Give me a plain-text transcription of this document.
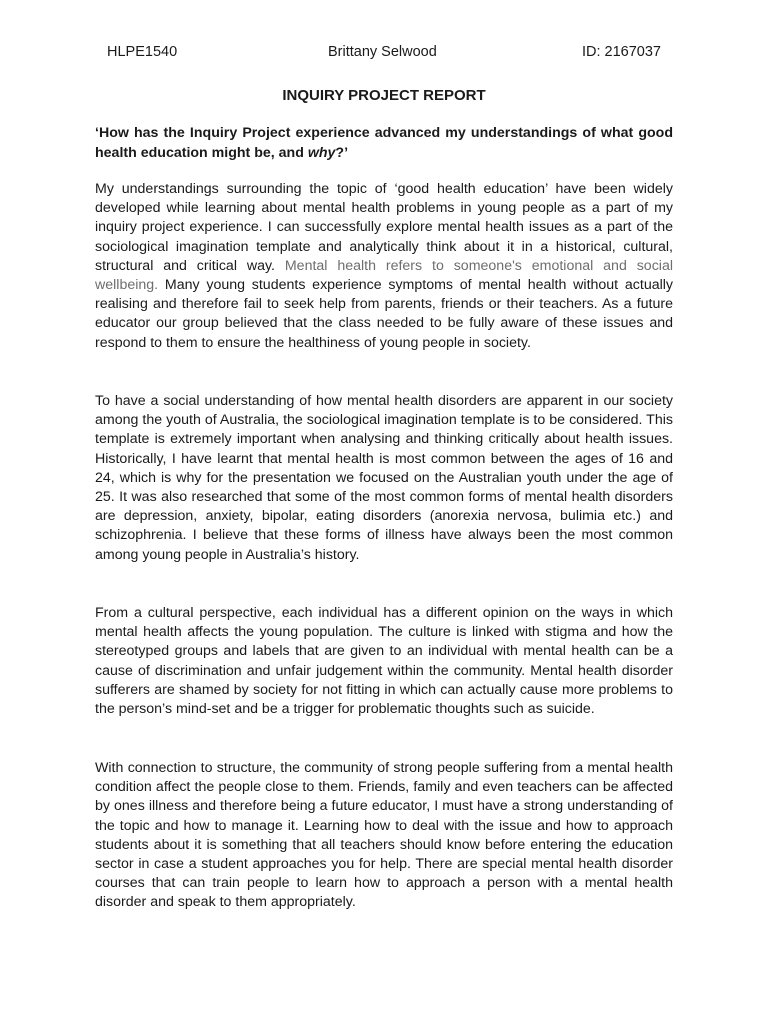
HLPE1540	Brittany Selwood	ID: 2167037
INQUIRY PROJECT REPORT
‘How has the Inquiry Project experience advanced my understandings of what good health education might be, and why?’

My understandings surrounding the topic of ‘good health education’ have been widely developed while learning about mental health problems in young people as a part of my inquiry project experience. I can successfully explore mental health issues as a part of the sociological imagination template and analytically think about it in a historical, cultural, structural and critical way. Mental health refers to someone's emotional and social wellbeing. Many young students experience symptoms of mental health without actually realising and therefore fail to seek help from parents, friends or their teachers. As a future educator our group believed that the class needed to be fully aware of these issues and respond to them to ensure the healthiness of young people in society.

To have a social understanding of how mental health disorders are apparent in our society among the youth of Australia, the sociological imagination template is to be considered. This template is extremely important when analysing and thinking critically about health issues. Historically, I have learnt that mental health is most common between the ages of 16 and 24, which is why for the presentation we focused on the Australian youth under the age of 25. It was also researched that some of the most common forms of mental health disorders are depression, anxiety, bipolar, eating disorders (anorexia nervosa, bulimia etc.) and schizophrenia. I believe that these forms of illness have always been the most common among young people in Australia’s history.

From a cultural perspective, each individual has a different opinion on the ways in which mental health affects the young population. The culture is linked with stigma and how the stereotyped groups and labels that are given to an individual with mental health can be a cause of discrimination and unfair judgement within the community. Mental health disorder sufferers are shamed by society for not fitting in which can actually cause more problems to the person’s mind-set and be a trigger for problematic thoughts such as suicide.

With connection to structure, the community of strong people suffering from a mental health condition affect the people close to them. Friends, family and even teachers can be affected by ones illness and therefore being a future educator, I must have a strong understanding of the topic and how to manage it. Learning how to deal with the issue and how to approach students about it is something that all teachers should know before entering the education sector in case a student approaches you for help. There are special mental health disorder courses that can train people to learn how to approach a person with a mental health disorder and speak to them appropriately.
